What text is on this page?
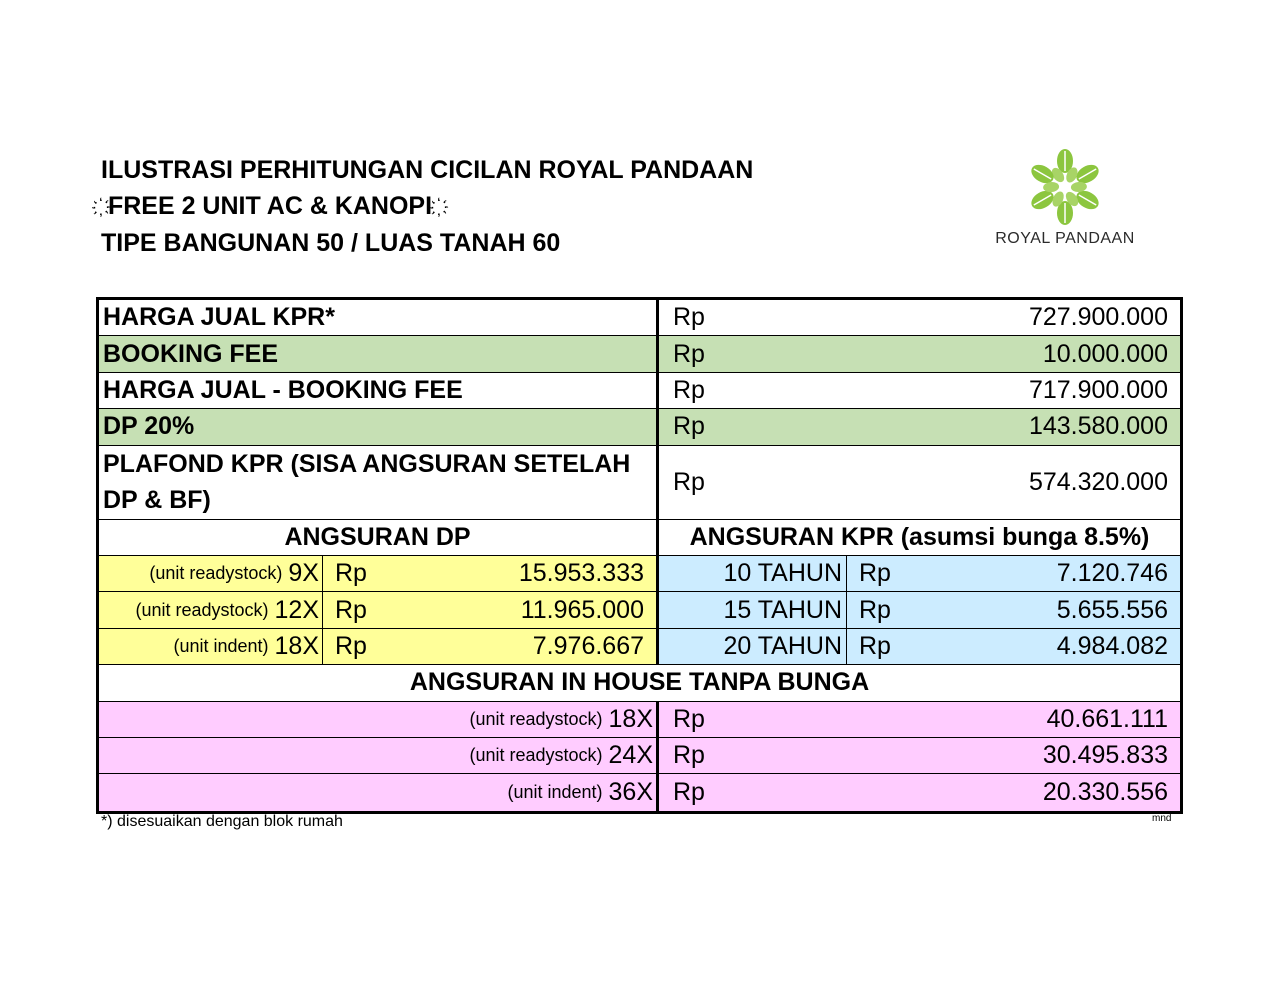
ILUSTRASI PERHITUNGAN CICILAN ROYAL PANDAAN
FREE 2 UNIT AC & KANOPI
TIPE BANGUNAN 50 / LUAS TANAH 60	ROYAL PANDAAN
HARGA JUAL KPR*	Rp	727.900.000
BOOKING FEE	Rp	10.000.000
HARGA JUAL - BOOKING FEE	Rp	717.900.000
DP 20%	Rp	143.580.000
PLAFOND KPR (SISA ANGSURAN SETELAH DP & BF)
Rp	574.320.000
ANGSURAN DP	ANGSURAN KPR (asumsi bunga 8.5%)
(unit readystock) 9X Rp	15.953.333	10 TAHUN Rp	7.120.746
(unit readystock) 12X Rp	11.965.000	15 TAHUN Rp	5.655.556
(unit indent) 18X Rp	7.976.667	20 TAHUN Rp	4.984.082
ANGSURAN IN HOUSE TANPA BUNGA
(unit readystock) 18X Rp	40.661.111
(unit readystock) 24X Rp	30.495.833
(unit indent) 36X Rp	20.330.556
*) disesuaikan dengan blok rumah	mnd
